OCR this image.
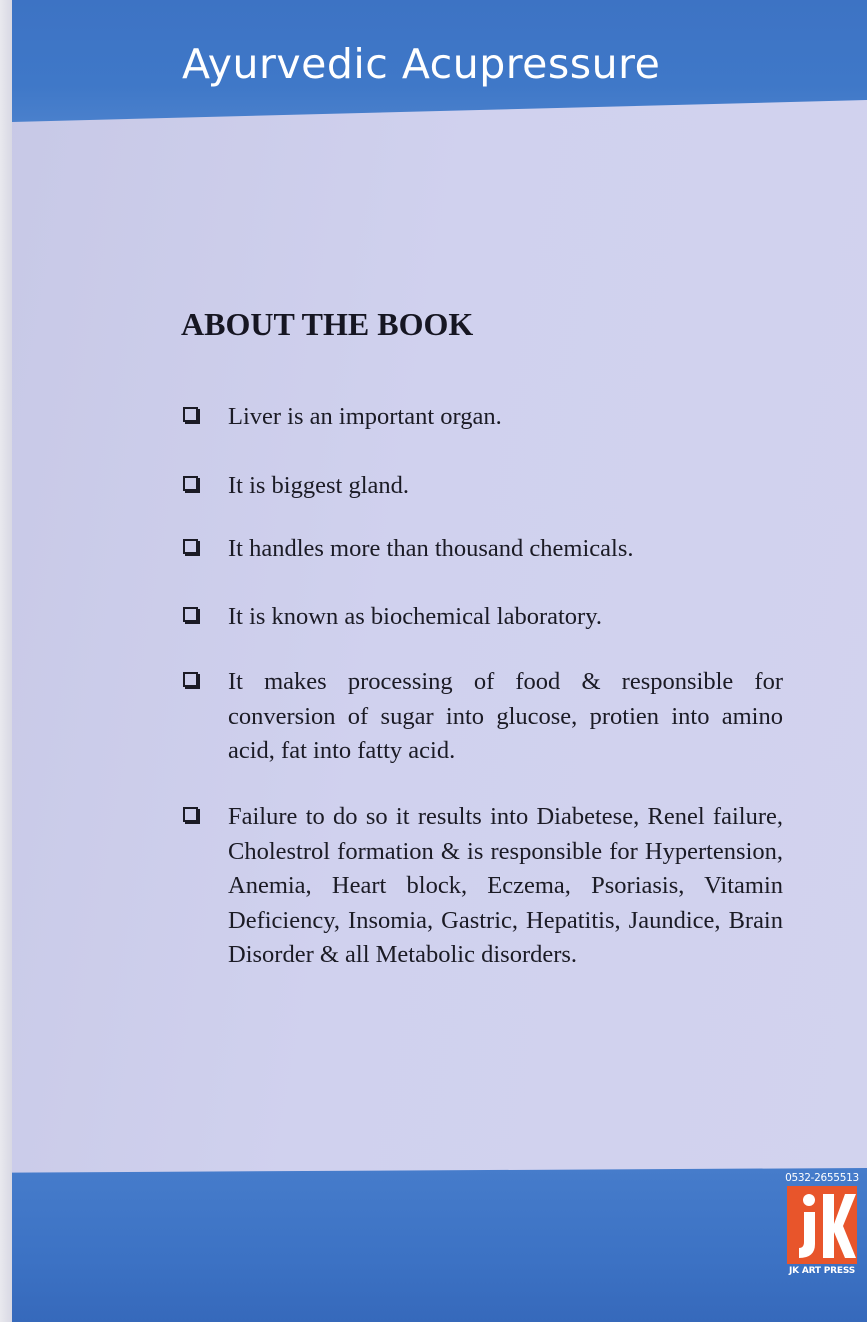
Ayurvedic Acupressure
ABOUT THE BOOK
Liver is an important organ.
It is biggest gland.
It handles more than thousand chemicals.
It is known as biochemical laboratory.
It makes processing of food & responsible for conversion of sugar into glucose, protien into amino acid, fat into fatty acid.
Failure to do so it results into Diabetese, Renel failure, Cholestrol formation & is responsible for Hypertension, Anemia, Heart block, Eczema, Psoriasis, Vitamin Deficiency, Insomia, Gastric, Hepatitis, Jaundice, Brain Disorder & all Metabolic disorders.
0532-2655513
JK ART PRESS
